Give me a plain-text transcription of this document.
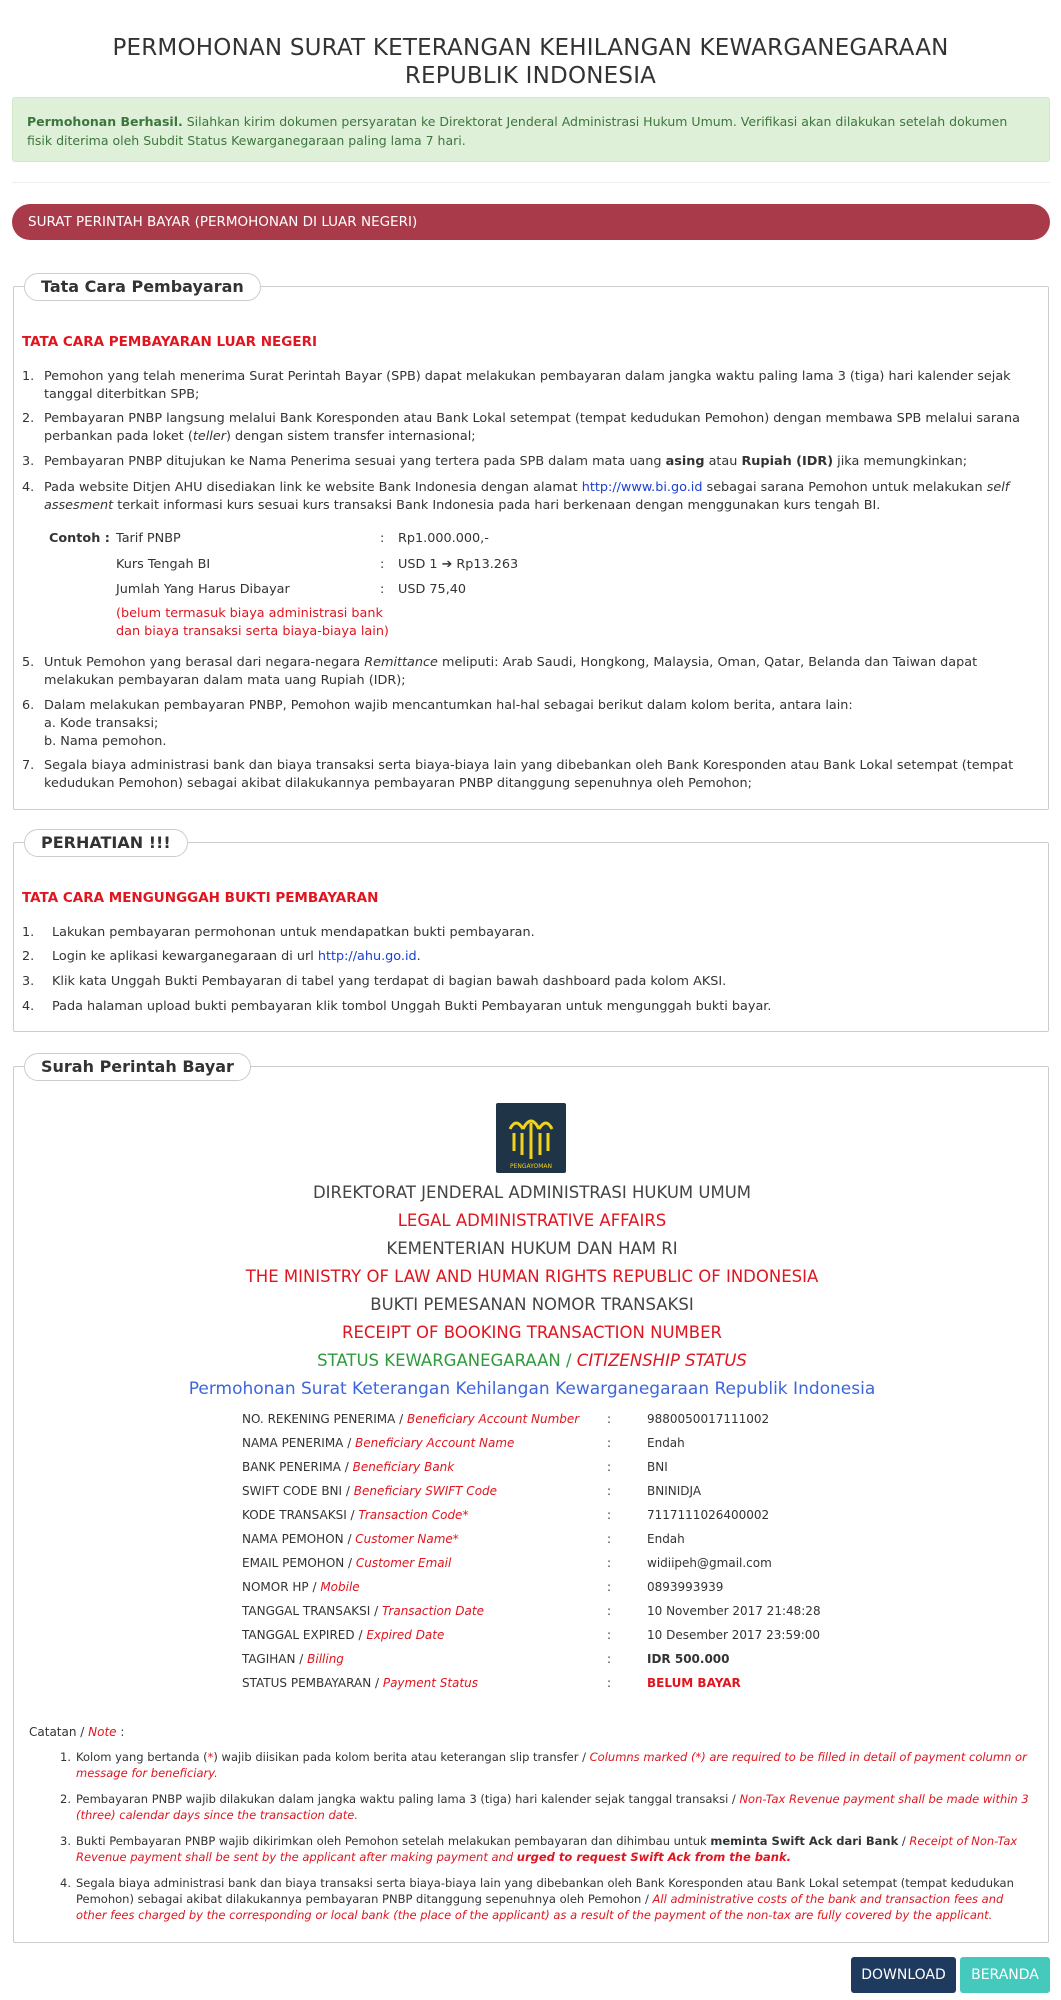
PERMOHONAN SURAT KETERANGAN KEHILANGAN KEWARGANEGARAAN
REPUBLIK INDONESIA
Permohonan Berhasil. Silahkan kirim dokumen persyaratan ke Direktorat Jenderal Administrasi Hukum Umum. Verifikasi akan dilakukan setelah dokumen fisik diterima oleh Subdit Status Kewarganegaraan paling lama 7 hari.
SURAT PERINTAH BAYAR (PERMOHONAN DI LUAR NEGERI)
Tata Cara Pembayaran
TATA CARA PEMBAYARAN LUAR NEGERI
1. Pemohon yang telah menerima Surat Perintah Bayar (SPB) dapat melakukan pembayaran dalam jangka waktu paling lama 3 (tiga) hari kalender sejak tanggal diterbitkan SPB;
2. Pembayaran PNBP langsung melalui Bank Koresponden atau Bank Lokal setempat (tempat kedudukan Pemohon) dengan membawa SPB melalui sarana perbankan pada loket (teller) dengan sistem transfer internasional;
3. Pembayaran PNBP ditujukan ke Nama Penerima sesuai yang tertera pada SPB dalam mata uang asing atau Rupiah (IDR) jika memungkinkan;
4. Pada website Ditjen AHU disediakan link ke website Bank Indonesia dengan alamat http://www.bi.go.id sebagai sarana Pemohon untuk melakukan self assesment terkait informasi kurs sesuai kurs transaksi Bank Indonesia pada hari berkenaan dengan menggunakan kurs tengah BI.
Contoh : Tarif PNBP	: Rp1.000.000,-
Kurs Tengah BI	: USD 1 ➔ Rp13.263
Jumlah Yang Harus Dibayar	: USD 75,40
(belum termasuk biaya administrasi bank
dan biaya transaksi serta biaya-biaya lain)
5. Untuk Pemohon yang berasal dari negara-negara Remittance meliputi: Arab Saudi, Hongkong, Malaysia, Oman, Qatar, Belanda dan Taiwan dapat melakukan pembayaran dalam mata uang Rupiah (IDR);
6. Dalam melakukan pembayaran PNBP, Pemohon wajib mencantumkan hal-hal sebagai berikut dalam kolom berita, antara lain:
a. Kode transaksi;
b. Nama pemohon.
7. Segala biaya administrasi bank dan biaya transaksi serta biaya-biaya lain yang dibebankan oleh Bank Koresponden atau Bank Lokal setempat (tempat kedudukan Pemohon) sebagai akibat dilakukannya pembayaran PNBP ditanggung sepenuhnya oleh Pemohon;
PERHATIAN !!!
TATA CARA MENGUNGGAH BUKTI PEMBAYARAN
1. Lakukan pembayaran permohonan untuk mendapatkan bukti pembayaran.
2. Login ke aplikasi kewarganegaraan di url http://ahu.go.id.
3. Klik kata Unggah Bukti Pembayaran di tabel yang terdapat di bagian bawah dashboard pada kolom AKSI.
4. Pada halaman upload bukti pembayaran klik tombol Unggah Bukti Pembayaran untuk mengunggah bukti bayar.
Surah Perintah Bayar
DIREKTORAT JENDERAL ADMINISTRASI HUKUM UMUM
LEGAL ADMINISTRATIVE AFFAIRS
KEMENTERIAN HUKUM DAN HAM RI
THE MINISTRY OF LAW AND HUMAN RIGHTS REPUBLIC OF INDONESIA
BUKTI PEMESANAN NOMOR TRANSAKSI
RECEIPT OF BOOKING TRANSACTION NUMBER
STATUS KEWARGANEGARAAN / CITIZENSHIP STATUS
Permohonan Surat Keterangan Kehilangan Kewarganegaraan Republik Indonesia
PENGAYOMAN
NO. REKENING PENERIMA / Beneficiary Account Number :	9880050017111002
NAMA PENERIMA / Beneficiary Account Name	:	Endah
BANK PENERIMA / Beneficiary Bank	:	BNI
SWIFT CODE BNI / Beneficiary SWIFT Code	:	BNINIDJA
KODE TRANSAKSI / Transaction Code*	:	7117111026400002
NAMA PEMOHON / Customer Name*	:	Endah
EMAIL PEMOHON / Customer Email	:	widiipeh@gmail.com
NOMOR HP / Mobile	:	0893993939
TANGGAL TRANSAKSI / Transaction Date	:	10 November 2017 21:48:28
TANGGAL EXPIRED / Expired Date	:	10 Desember 2017 23:59:00
TAGIHAN / Billing	:	IDR 500.000
STATUS PEMBAYARAN / Payment Status	:	BELUM BAYAR
Catatan / Note :
1. Kolom yang bertanda (*) wajib diisikan pada kolom berita atau keterangan slip transfer / Columns marked (*) are required to be filled in detail of payment column or message for beneficiary.
2. Pembayaran PNBP wajib dilakukan dalam jangka waktu paling lama 3 (tiga) hari kalender sejak tanggal transaksi / Non-Tax Revenue payment shall be made within 3 (three) calendar days since the transaction date.
3. Bukti Pembayaran PNBP wajib dikirimkan oleh Pemohon setelah melakukan pembayaran dan dihimbau untuk meminta Swift Ack dari Bank / Receipt of Non-Tax Revenue payment shall be sent by the applicant after making payment and urged to request Swift Ack from the bank.
4. Segala biaya administrasi bank dan biaya transaksi serta biaya-biaya lain yang dibebankan oleh Bank Koresponden atau Bank Lokal setempat (tempat kedudukan Pemohon) sebagai akibat dilakukannya pembayaran PNBP ditanggung sepenuhnya oleh Pemohon / All administrative costs of the bank and transaction fees and other fees charged by the corresponding or local bank (the place of the applicant) as a result of the payment of the non-tax are fully covered by the applicant.
DOWNLOAD	BERANDA
